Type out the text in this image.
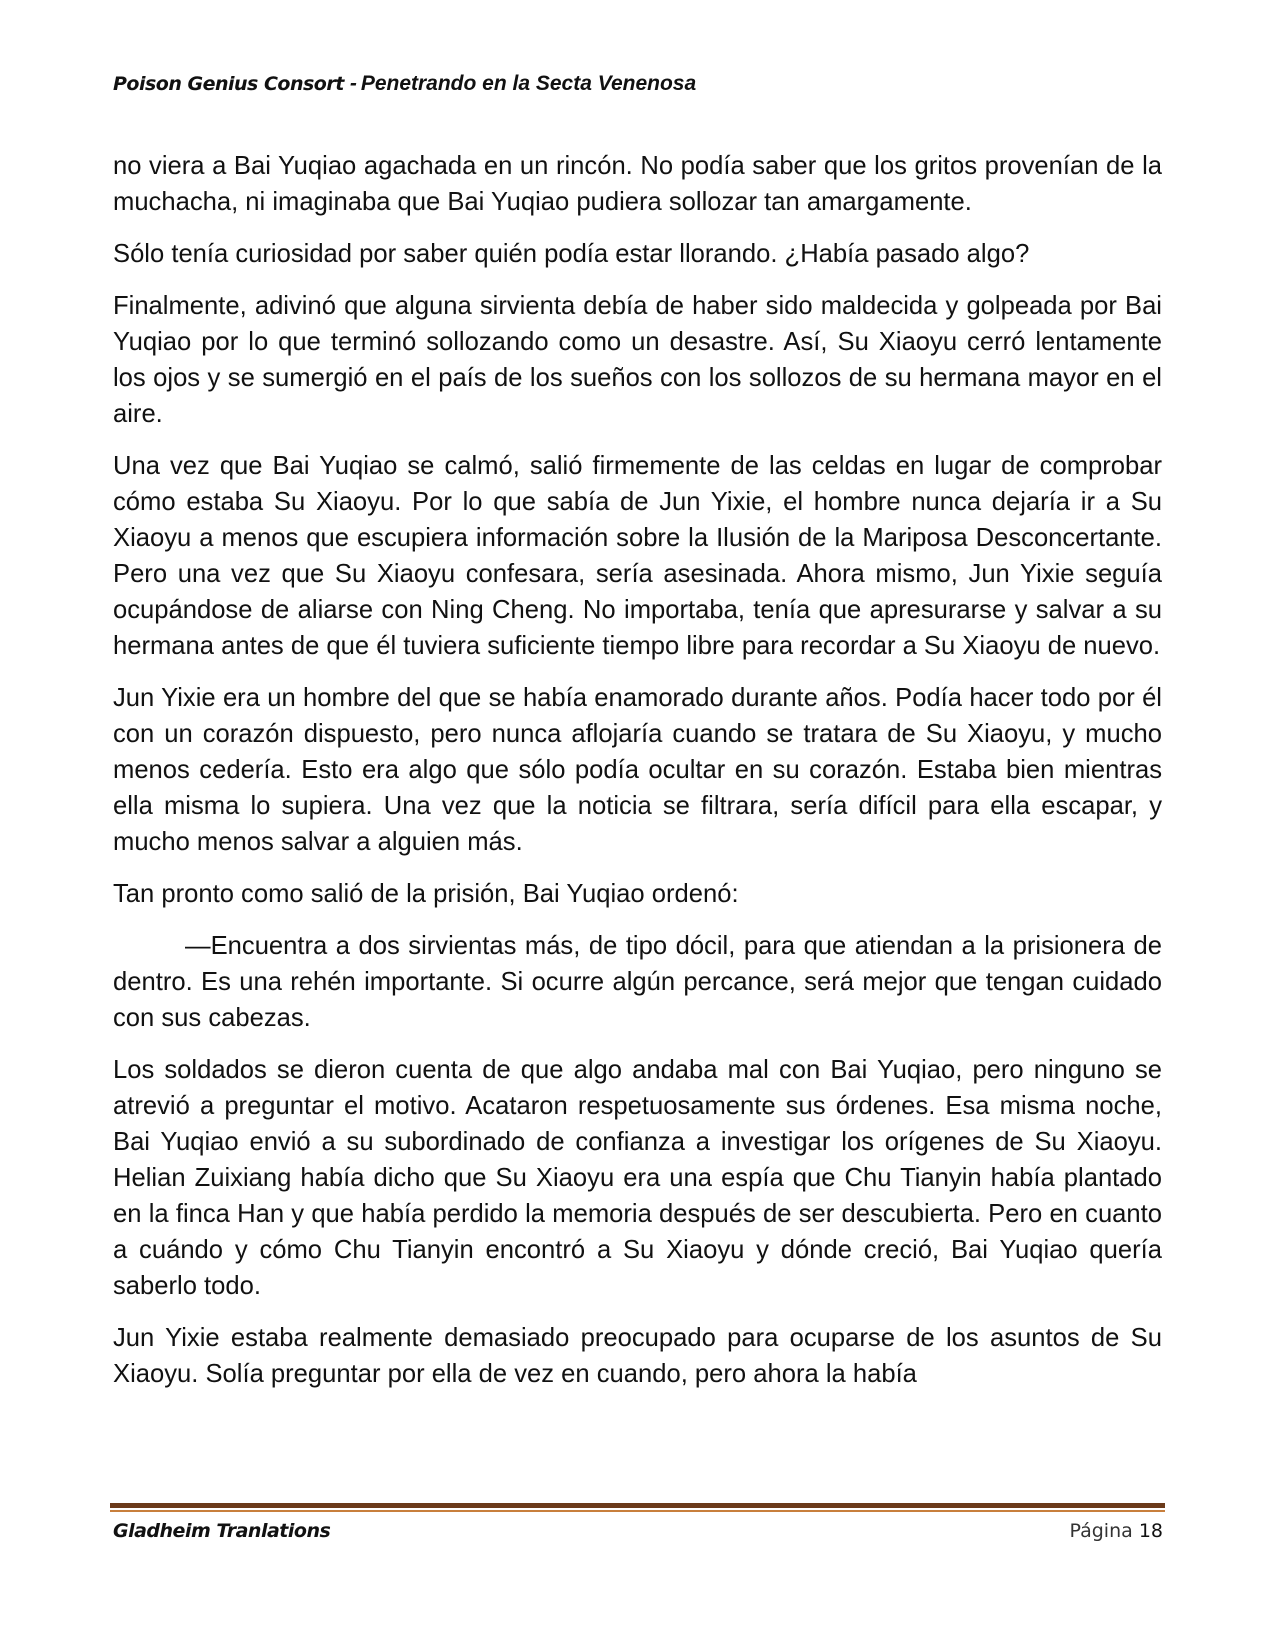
Poison Genius Consort - Penetrando en la Secta Venenosa

no viera a Bai Yuqiao agachada en un rincón. No podía saber que los gritos provenían de la muchacha, ni imaginaba que Bai Yuqiao pudiera sollozar tan amargamente.

Sólo tenía curiosidad por saber quién podía estar llorando. ¿Había pasado algo?

Finalmente, adivinó que alguna sirvienta debía de haber sido maldecida y golpeada por Bai Yuqiao por lo que terminó sollozando como un desastre. Así, Su Xiaoyu cerró lentamente los ojos y se sumergió en el país de los sueños con los sollozos de su hermana mayor en el aire.

Una vez que Bai Yuqiao se calmó, salió firmemente de las celdas en lugar de comprobar cómo estaba Su Xiaoyu. Por lo que sabía de Jun Yixie, el hombre nunca dejaría ir a Su Xiaoyu a menos que escupiera información sobre la Ilusión de la Mariposa Desconcertante. Pero una vez que Su Xiaoyu confesara, sería asesinada. Ahora mismo, Jun Yixie seguía ocupándose de aliarse con Ning Cheng. No importaba, tenía que apresurarse y salvar a su hermana antes de que él tuviera suficiente tiempo libre para recordar a Su Xiaoyu de nuevo.

Jun Yixie era un hombre del que se había enamorado durante años. Podía hacer todo por él con un corazón dispuesto, pero nunca aflojaría cuando se tratara de Su Xiaoyu, y mucho menos cedería. Esto era algo que sólo podía ocultar en su corazón. Estaba bien mientras ella misma lo supiera. Una vez que la noticia se filtrara, sería difícil para ella escapar, y mucho menos salvar a alguien más.

Tan pronto como salió de la prisión, Bai Yuqiao ordenó:

—Encuentra a dos sirvientas más, de tipo dócil, para que atiendan a la prisionera de dentro. Es una rehén importante. Si ocurre algún percance, será mejor que tengan cuidado con sus cabezas.

Los soldados se dieron cuenta de que algo andaba mal con Bai Yuqiao, pero ninguno se atrevió a preguntar el motivo. Acataron respetuosamente sus órdenes. Esa misma noche, Bai Yuqiao envió a su subordinado de confianza a investigar los orígenes de Su Xiaoyu. Helian Zuixiang había dicho que Su Xiaoyu era una espía que Chu Tianyin había plantado en la finca Han y que había perdido la memoria después de ser descubierta. Pero en cuanto a cuándo y cómo Chu Tianyin encontró a Su Xiaoyu y dónde creció, Bai Yuqiao quería saberlo todo.

Jun Yixie estaba realmente demasiado preocupado para ocuparse de los asuntos de Su Xiaoyu. Solía preguntar por ella de vez en cuando, pero ahora la había

Gladheim Tranlations	Página 18
